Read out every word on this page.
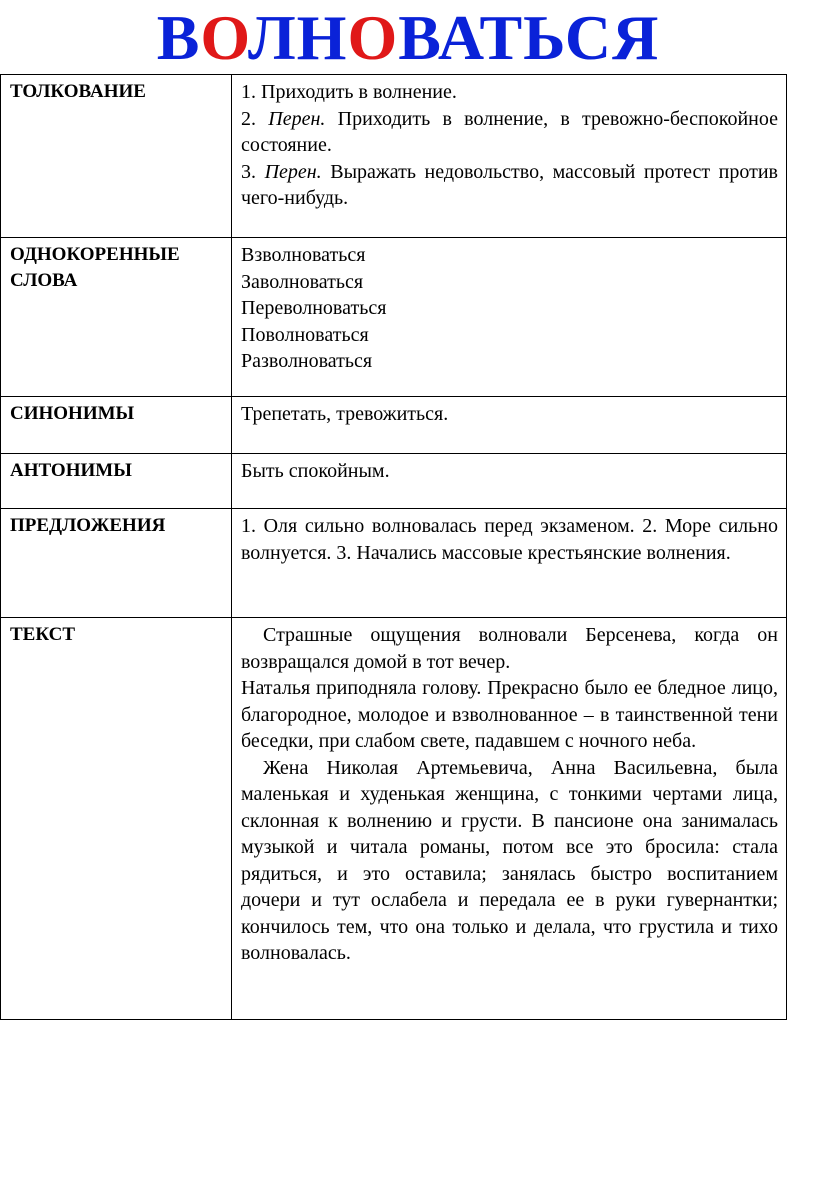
ВОЛНОВАТЬСЯ
ТОЛКОВАНИЕ	1. Приходить в волнение.
2. Перен. Приходить в волнение, в тревожно-беспокойное состояние.
3. Перен. Выражать недовольство, массовый протест против чего-нибудь.

ОДНОКОРЕННЫЕ СЛОВА	Взволноваться
Заволноваться
Переволноваться
Поволноваться
Разволноваться

СИНОНИМЫ	Трепетать, тревожиться.
АНТОНИМЫ	Быть спокойным.
ПРЕДЛОЖЕНИЯ	1. Оля сильно волновалась перед экзаменом. 2. Море сильно волнуется. 3. Начались массовые крестьянские волнения.
ТЕКСТ	Страшные ощущения волновали Берсенева, когда он возвращался домой в тот вечер.
Наталья приподняла голову. Прекрасно было ее бледное лицо, благородное, молодое и взволнованное – в таинственной тени беседки, при слабом свете, падавшем с ночного неба.
Жена Николая Артемьевича, Анна Васильевна, была маленькая и худенькая женщина, с тонкими чертами лица, склонная к волнению и грусти. В пансионе она занималась музыкой и читала романы, потом все это бросила: стала рядиться, и это оставила; занялась быстро воспитанием дочери и тут ослабела и передала ее в руки гувернантки; кончилось тем, что она только и делала, что грустила и тихо волновалась.
